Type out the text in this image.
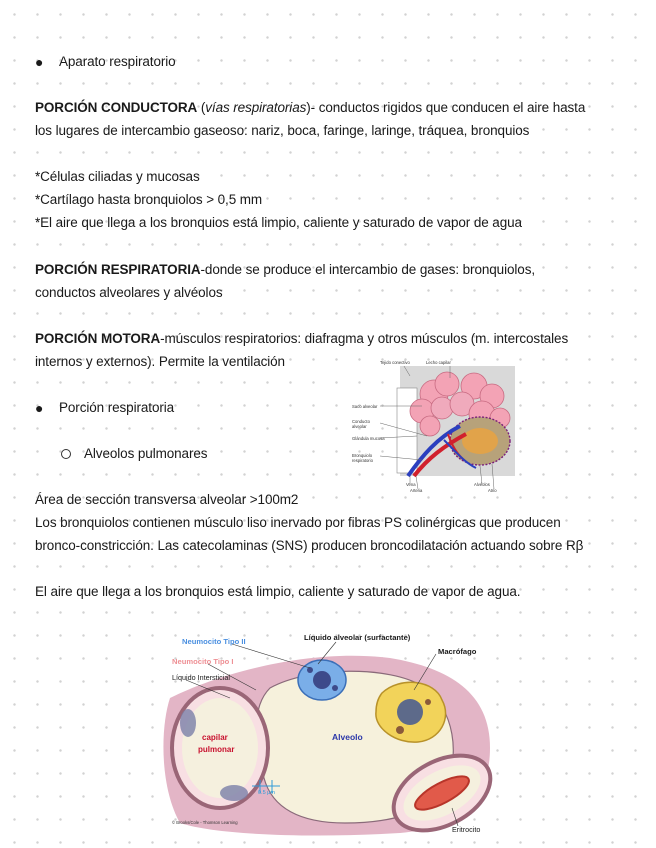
● Aparato respiratorio
PORCIÓN CONDUCTORA (vías respiratorias)- conductos rigidos que conducen el aire hasta
los lugares de intercambio gaseoso: nariz, boca, faringe, laringe, tráquea, bronquios
*Células ciliadas y mucosas
*Cartílago hasta bronquiolos > 0,5 mm
*El aire que llega a los bronquios está limpio, caliente y saturado de vapor de agua
PORCIÓN RESPIRATORIA-donde se produce el intercambio de gases: bronquiolos,
conductos alveolares y alvéolos
PORCIÓN MOTORA-músculos respiratorios: diafragma y otros músculos (m. intercostales
internos y externos). Permite la ventilación
● Porción respiratoria
Alveolos pulmonares
Área de sección transversa alveolar >100m2
Los bronquiolos contienen músculo liso inervado por fibras PS colinérgicas que producen
bronco-constricción. Las catecolaminas (SNS) producen broncodilatación actuando sobre Rβ
El aire que llega a los bronquios está limpio, caliente y saturado de vapor de agua.
Tejido conectivo	Lecho capilar
Saco alveolar
Conducto
alveolar
Glándula mucosa
Bronquiolo
respiratorio
Vena
Arteria
Alvéolos
Atrio
Neumocito Tipo II
Neumocito Tipo I
Líquido Intersticial
Líquido alveolar (surfactante)
Macrófago
capilar
pulmonar
Alveolo
0.5 μm
© Brooks/Cole - Thomson Learning
Eritrocito
